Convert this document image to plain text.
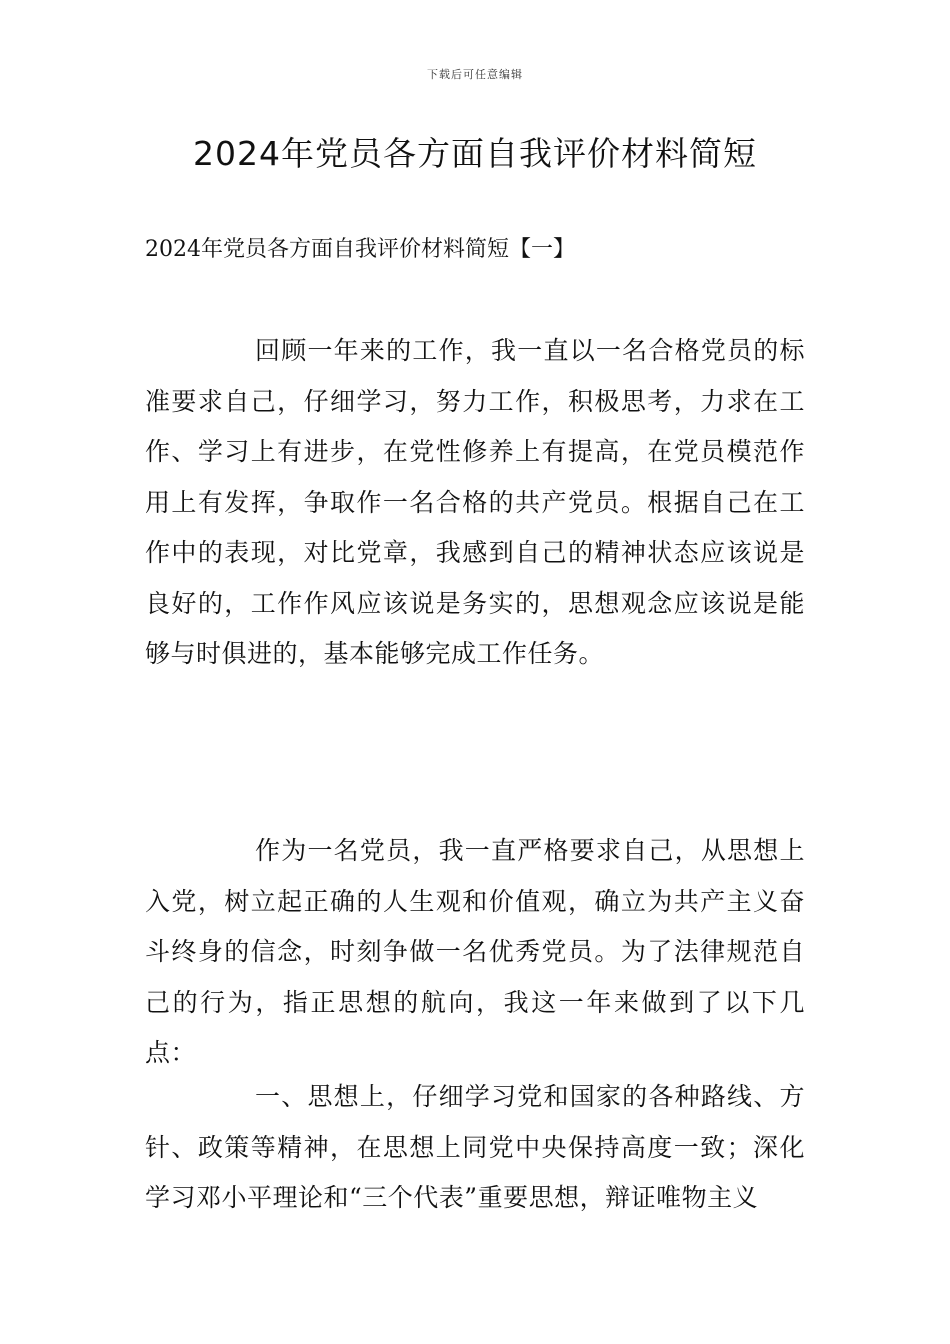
下载后可任意编辑
2024年党员各方面自我评价材料简短
2024年党员各方面自我评价材料简短【一】

回顾一年来的工作，我一直以一名合格党员的标准要求自己，仔细学习，努力工作，积极思考，力求在工作、学习上有进步，在党性修养上有提高，在党员模范作用上有发挥，争取作一名合格的共产党员。根据自己在工作中的表现，对比党章，我感到自己的精神状态应该说是良好的，工作作风应该说是务实的，思想观念应该说是能够与时俱进的，基本能够完成工作任务。

作为一名党员，我一直严格要求自己，从思想上入党，树立起正确的人生观和价值观，确立为共产主义奋斗终身的信念，时刻争做一名优秀党员。为了法律规范自己的行为，指正思想的航向，我这一年来做到了以下几点：

一、思想上，仔细学习党和国家的各种路线、方针、政策等精神，在思想上同党中央保持高度一致；深化学习邓小平理论和“三个代表”重要思想，辩证唯物主义
